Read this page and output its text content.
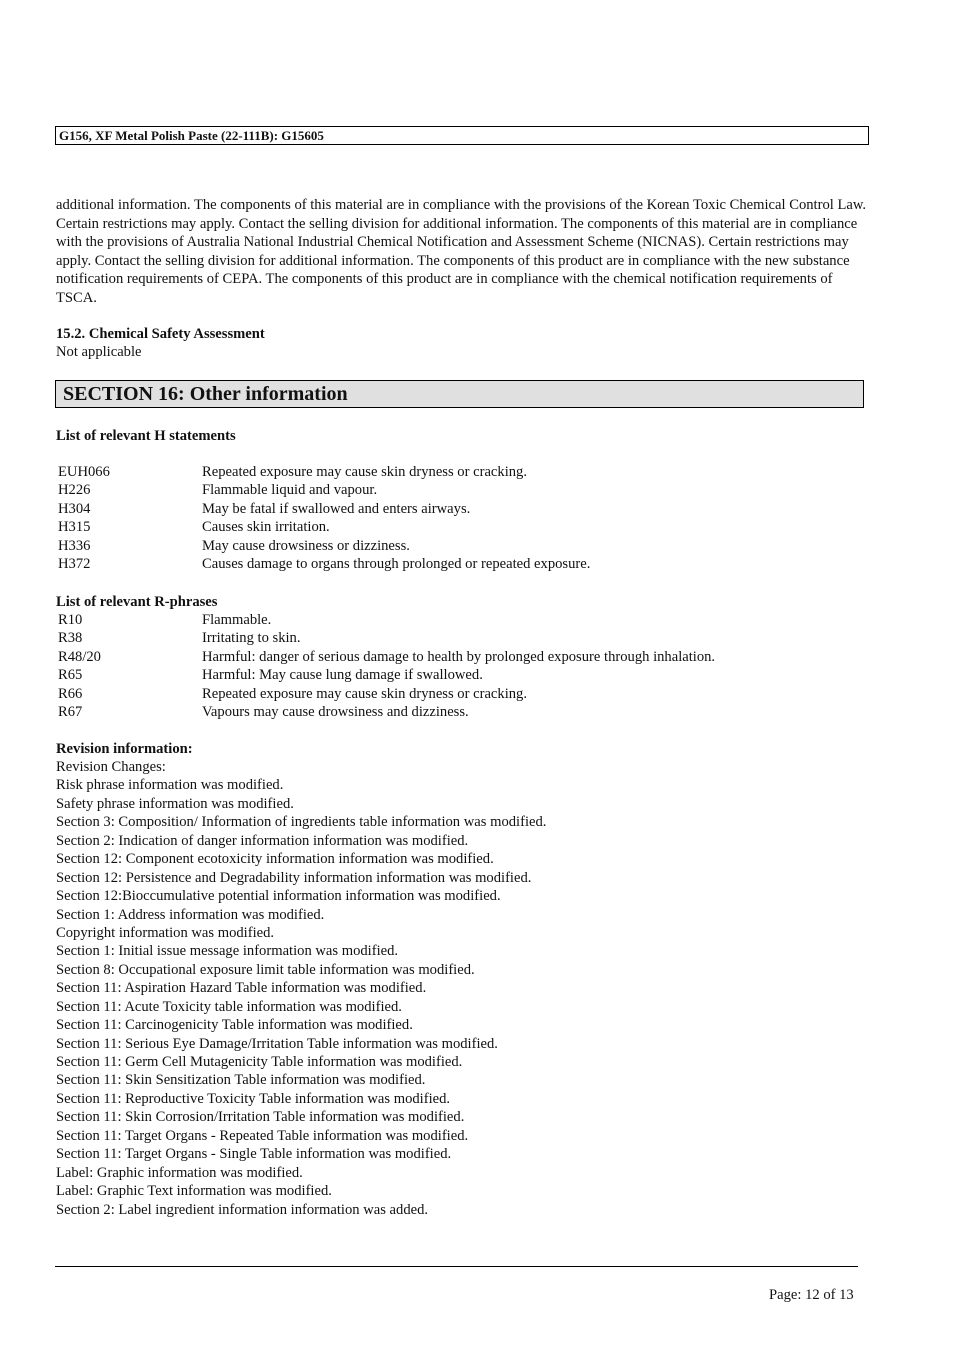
G156, XF Metal Polish Paste (22-111B): G15605

additional information. The components of this material are in compliance with the provisions of the Korean Toxic Chemical Control Law. Certain restrictions may apply. Contact the selling division for additional information. The components of this material are in compliance with the provisions of Australia National Industrial Chemical Notification and Assessment Scheme (NICNAS). Certain restrictions may apply. Contact the selling division for additional information. The components of this product are in compliance with the new substance notification requirements of CEPA. The components of this product are in compliance with the chemical notification requirements of TSCA.

15.2. Chemical Safety Assessment
Not applicable
SECTION 16: Other information
List of relevant H statements
EUH066	Repeated exposure may cause skin dryness or cracking.
H226	Flammable liquid and vapour.
H304	May be fatal if swallowed and enters airways.
H315	Causes skin irritation.
H336	May cause drowsiness or dizziness.
H372	Causes damage to organs through prolonged or repeated exposure.
List of relevant R-phrases
R10	Flammable.
R38	Irritating to skin.
R48/20	Harmful: danger of serious damage to health by prolonged exposure through inhalation.
R65	Harmful: May cause lung damage if swallowed.
R66	Repeated exposure may cause skin dryness or cracking.
R67	Vapours may cause drowsiness and dizziness.
Revision information:
Revision Changes:
Risk phrase information was modified.
Safety phrase information was modified.
Section 3: Composition/ Information of ingredients table information was modified.
Section 2: Indication of danger information information was modified.
Section 12: Component ecotoxicity information information was modified.
Section 12: Persistence and Degradability information information was modified.
Section 12:Bioccumulative potential information information was modified.
Section 1: Address information was modified.
Copyright information was modified.
Section 1: Initial issue message information was modified.
Section 8: Occupational exposure limit table information was modified.
Section 11: Aspiration Hazard Table information was modified.
Section 11: Acute Toxicity table information was modified.
Section 11: Carcinogenicity Table information was modified.
Section 11: Serious Eye Damage/Irritation Table information was modified.
Section 11: Germ Cell Mutagenicity Table information was modified.
Section 11: Skin Sensitization Table information was modified.
Section 11: Reproductive Toxicity Table information was modified.
Section 11: Skin Corrosion/Irritation Table information was modified.
Section 11: Target Organs - Repeated Table information was modified.
Section 11: Target Organs - Single Table information was modified.
Label: Graphic information was modified.
Label: Graphic Text information was modified.
Section 2: Label ingredient information information was added.
Page: 12 of 13
